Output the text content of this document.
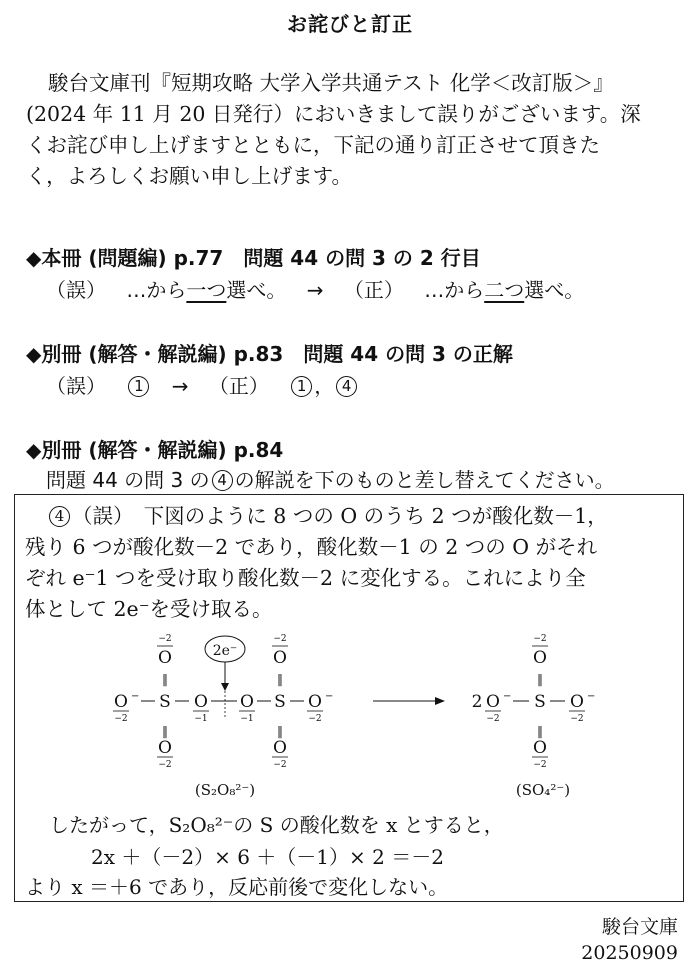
お詫びと訂正

駿台文庫刊『短期攻略 大学入学共通テスト 化学＜改訂版＞』

(2024 年 11 月 20 日発行）においきまして誤りがございます。深

くお詫び申し上げますとともに，下記の通り訂正させて頂きた

く，よろしくお願い申し上げます。

◆本冊 (問題編) p.77　問題 44 の問 3 の 2 行目
（誤） …から一つ選べ。 → （正） …から二つ選べ。
◆別冊 (解答・解説編) p.83　問題 44 の問 3 の正解
（誤） 1 → （正） 1 ， 4
◆別冊 (解答・解説編) p.84
問題 44 の問 3 の 4 の解説を下のものと差し替えてください。

4 （誤）　下図のように 8 つの O のうち 2 つが酸化数－1，

残り 6 つが酸化数－2 であり，酸化数－1 の 2 つの O がそれ

ぞれ e⁻1 つを受け取り酸化数－2 に変化する。これにより全

体として 2e⁻を受け取る。

−2
O
‖
−2
O
‖
2e⁻
O −
−2
S O
−1
O
−1
S O −
−2
‖
O
−2
‖
O
−2
(S₂O₈²⁻)
−2
O
‖
2 O −
−2
S O −
−2
‖
O
−2
(SO₄²⁻)
したがって，S₂O₈²⁻の S の酸化数を x とすると，
2x ＋（－2）× 6 ＋（－1）× 2 ＝－2
より x ＝＋6 であり，反応前後で変化しない。
駿台文庫
20250909
